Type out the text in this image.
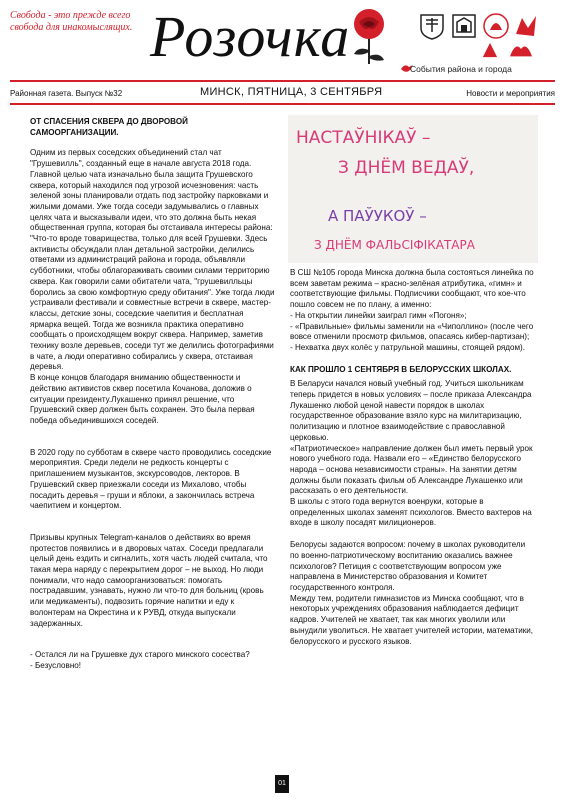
Свобода - это прежде всего свобода для инакомыслящих. Розочка	События района и города
Районная газета. Выпуск №32	МИНСК, ПЯТНИЦА, 3 СЕНТЯБРЯ	Новости и мероприятия

ОТ СПАСЕНИЯ СКВЕРА ДО ДВОРОВОЙ САМООРГАНИЗАЦИИ.

Одним из первых соседских объединений стал чат "Грушевилль", созданный еще в начале августа 2018 года. Главной целью чата изначально была защита Грушевского сквера, который находился под угрозой исчезновения: часть зеленой зоны планировали отдать под застройку парковками и жилыми домами. Уже тогда соседи задумывались о главных целях чата и высказывали идеи, что это должна быть некая общественная группа, которая бы отстаивала интересы района: "Что-то вроде товарищества, только для всей Грушевки. Здесь активисты обсуждали план детальной застройки, делились ответами из администраций района и города, объявляли субботники, чтобы облагораживать своими силами территорию сквера. Как говорили сами обитатели чата, "грушевилльцы боролись за свою комфортную среду обитания". Уже тогда люди устраивали фестивали и совместные встречи в сквере, мастер-классы, детские зоны, соседские чаепития и бесплатная ярмарка вещей. Тогда же возникла практика оперативно сообщать о происходящем вокруг сквера. Например, заметив технику возле деревьев, соседи тут же делились фотографиями в чате, а люди оперативно собирались у сквера, отстаивая деревья.

В конце концов благодаря вниманию общественности и действию активистов сквер посетила Кочанова, доложив о ситуации президенту.Лукашенко принял решение, что Грушевский сквер должен быть сохранен. Это была первая победа объединившихся соседей.

В 2020 году по субботам в сквере часто проводились соседские мероприятия. Среди ледели не редкость концерты с приглашением музыкантов, экскурсоводов, лекторов. В Грушевский сквер приезжали соседи из Михалово, чтобы посадить деревья – груши и яблоки, а закончилась встреча чаепитием и концертом.

Призывы крупных Telegram-каналов о действиях во время протестов появились и в дворовых чатах. Соседи предлагали целый день ездить и сигналить, хотя часть людей считала, что такая мера наряду с перекрытием дорог – не выход. Но люди понимали, что надо самоорганизоваться: помогать пострадавшим, узнавать, нужно ли что-то для больниц (кровь или медикаменты), подвозить горячие напитки и еду к волонтерам на Окрестина и к РУВД, откуда выпускали задержанных.

- Остался ли на Грушевке дух старого минского сосества?

- Безусловно!

НАСТАЎНІКАЎ –
З ДНЁМ ВЕДАЎ,
А ПАЎУКОЎ –
З ДНЁМ ФАЛЬСІФІКАТАРА

В СШ №105 города Минска должна была состояться линейка по всем заветам режима – красно-зелёная атрибутика, «гимн» и соответствующие фильмы. Подписчики сообщают, что кое-что пошло совсем не по плану, а именно:

- На открытии линейки заиграл гимн «Погоня»;

- «Правильные» фильмы заменили на «Чиполлино» (после чего вовсе отменили просмотр фильмов, опасаясь кибер-партизан);

- Нехватка двух колёс у патрульной машины, стоящей рядом).

КАК ПРОШЛО 1 СЕНТЯБРЯ В БЕЛОРУССКИХ ШКОЛАХ.

В Беларуси начался новый учебный год. Учиться школьникам теперь придется в новых условиях – после приказа Александра Лукашенко любой ценой навести порядок в школах государственное образование взяло курс на милитаризацию, политизацию и плотное взаимодействие с православной церковью.

«Патриотическое» направление должен был иметь первый урок нового учебного года. Назвали его – «Единство белорусского народа – основа независимости страны». На занятии детям должны были показать фильм об Александре Лукашенко или рассказать о его деятельности.

В школы с этого года вернутся военруки, которые в определенных школах заменят психологов. Вместо вахтеров на входе в школу посадят милиционеров.

Белорусы задаются вопросом: почему в школах руководители по военно-патриотическому воспитанию оказались важнее психологов? Петиция с соответствующим вопросом уже направлена в Министерство образования и Комитет государственного контроля.

Между тем, родители гимназистов из Минска сообщают, что в некоторых учреждениях образования наблюдается дефицит кадров. Учителей не хватает, так как многих уволили или вынудили уволиться. Не хватает учителей истории, математики, белорусского и русского языков.

01
